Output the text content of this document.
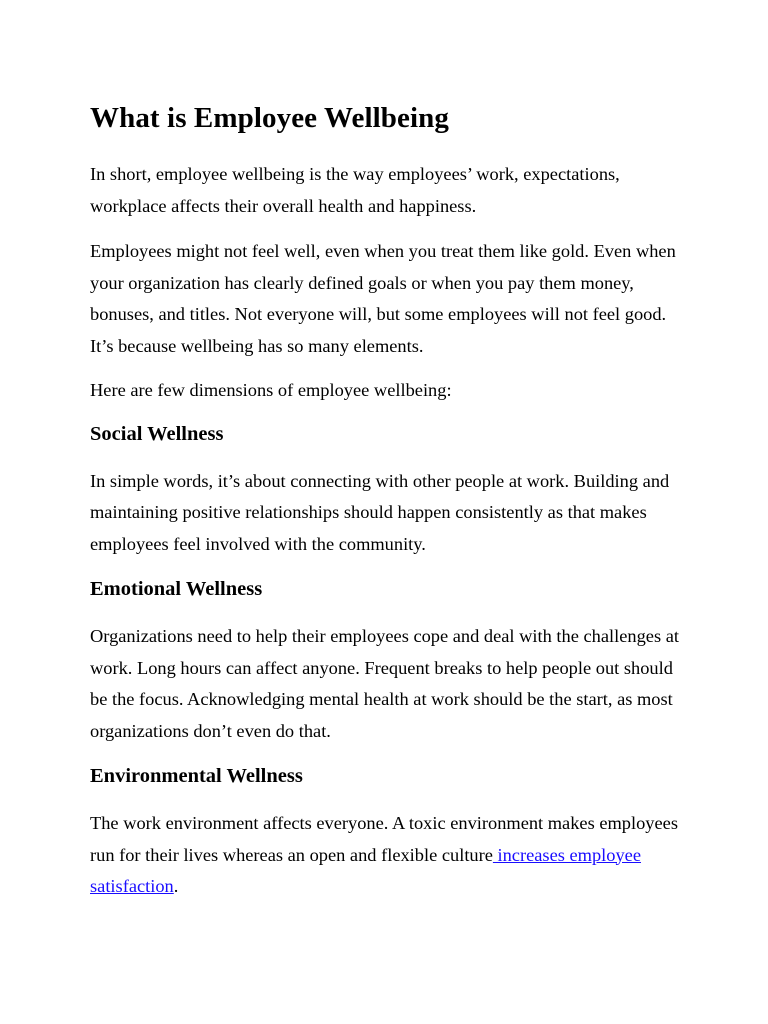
What is Employee Wellbeing

In short, employee wellbeing is the way employees’ work, expectations, workplace affects their overall health and happiness.

Employees might not feel well, even when you treat them like gold. Even when your organization has clearly defined goals or when you pay them money, bonuses, and titles. Not everyone will, but some employees will not feel good. It’s because wellbeing has so many elements.

Here are few dimensions of employee wellbeing:

Social Wellness

In simple words, it’s about connecting with other people at work. Building and maintaining positive relationships should happen consistently as that makes employees feel involved with the community.

Emotional Wellness

Organizations need to help their employees cope and deal with the challenges at work. Long hours can affect anyone. Frequent breaks to help people out should be the focus. Acknowledging mental health at work should be the start, as most organizations don’t even do that.

Environmental Wellness

The work environment affects everyone. A toxic environment makes employees run for their lives whereas an open and flexible culture increases employee satisfaction.
